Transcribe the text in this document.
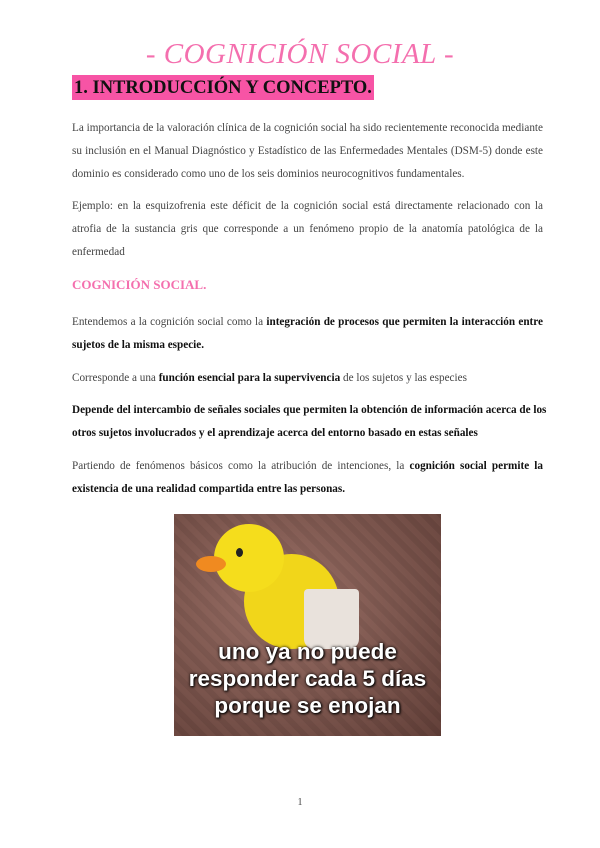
- COGNICIÓN SOCIAL -
1. INTRODUCCIÓN Y CONCEPTO.
La importancia de la valoración clínica de la cognición social ha sido recientemente reconocida mediante
su inclusión en el Manual Diagnóstico y Estadístico de las Enfermedades Mentales (DSM-5) donde este
dominio es considerado como uno de los seis dominios neurocognitivos fundamentales.
Ejemplo: en la esquizofrenia este déficit de la cognición social está directamente relacionado con la
atrofia de la sustancia gris que corresponde a un fenómeno propio de la anatomía patológica de la
enfermedad
COGNICIÓN SOCIAL.
Entendemos a la cognición social como la integración de procesos que permiten la interacción entre
sujetos de la misma especie.
Corresponde a una función esencial para la supervivencia de los sujetos y las especies
Depende del intercambio de señales sociales que permiten la obtención de información acerca de los
otros sujetos involucrados y el aprendizaje acerca del entorno basado en estas señales
Partiendo de fenómenos básicos como la atribución de intenciones, la cognición social permite la
existencia de una realidad compartida entre las personas.
uno ya no puede
responder cada 5 días
porque se enojan
1
